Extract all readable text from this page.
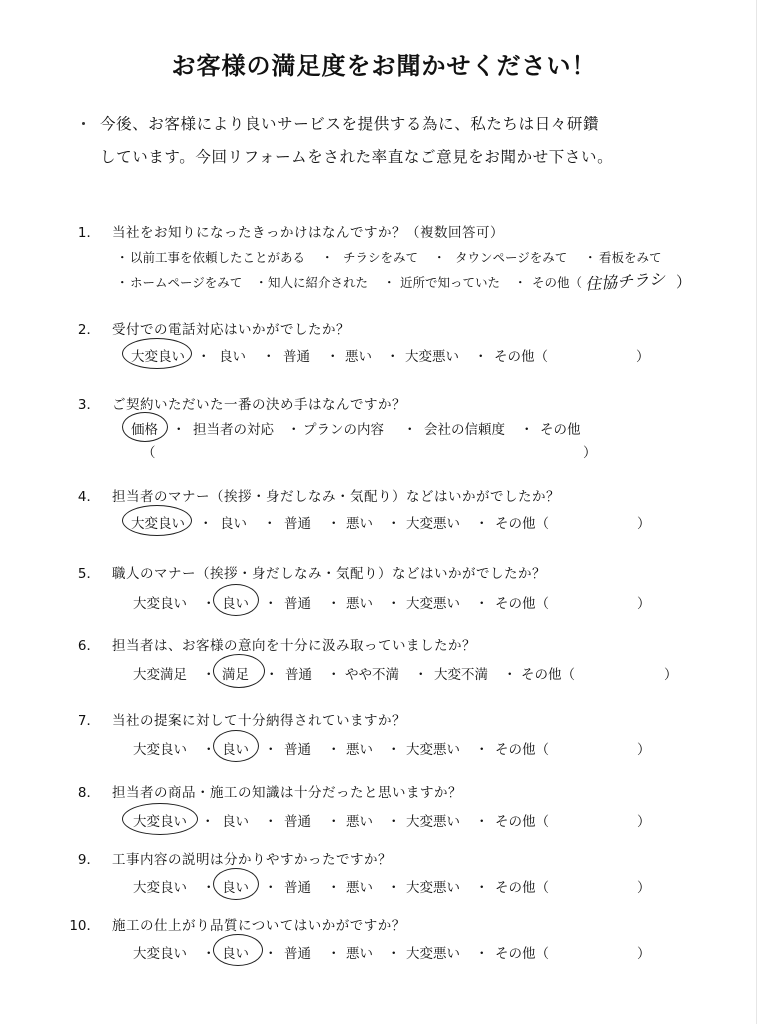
お客様の満足度をお聞かせください！
今後、お客様により良いサービスを提供する為に、私たちは日々研鑽
しています。今回リフォームをされた率直なご意見をお聞かせ下さい。
1． 当社をお知りになったきっかけはなんですか？（複数回答可）
・ 以前工事を依頼したことがある ・ チラシをみて ・ タウンページをみて ・ 看板をみて
・ ホームページをみて ・ 知人に紹介された ・ 近所で知っていた ・ その他（ 住協チラシ ）
2． 受付での電話対応はいかがでしたか？
大変良い ・ 良い ・ 普通 ・ 悪い ・ 大変悪い ・ その他（	）
3． ご契約いただいた一番の決め手はなんですか？
価格 ・ 担当者の対応 ・ プランの内容 ・ 会社の信頼度 ・ その他
（	）
4． 担当者のマナー（挨拶・身だしなみ・気配り）などはいかがでしたか？
大変良い ・ 良い ・ 普通 ・ 悪い ・ 大変悪い ・ その他（	）
5． 職人のマナー（挨拶・身だしなみ・気配り）などはいかがでしたか？
大変良い ・ 良い ・ 普通 ・ 悪い ・ 大変悪い ・ その他（	）
6． 担当者は、お客様の意向を十分に汲み取っていましたか？
大変満足 ・ 満足 ・ 普通 ・ やや不満 ・ 大変不満 ・ その他（	）
7． 当社の提案に対して十分納得されていますか？
大変良い ・ 良い ・ 普通 ・ 悪い ・ 大変悪い ・ その他（	）
8． 担当者の商品・施工の知識は十分だったと思いますか？
大変良い ・ 良い ・ 普通 ・ 悪い ・ 大変悪い ・ その他（	）
9． 工事内容の説明は分かりやすかったですか？
大変良い ・ 良い ・ 普通 ・ 悪い ・ 大変悪い ・ その他（	）
10． 施工の仕上がり品質についてはいかがですか？
大変良い ・ 良い ・ 普通 ・ 悪い ・ 大変悪い ・ その他（	）
